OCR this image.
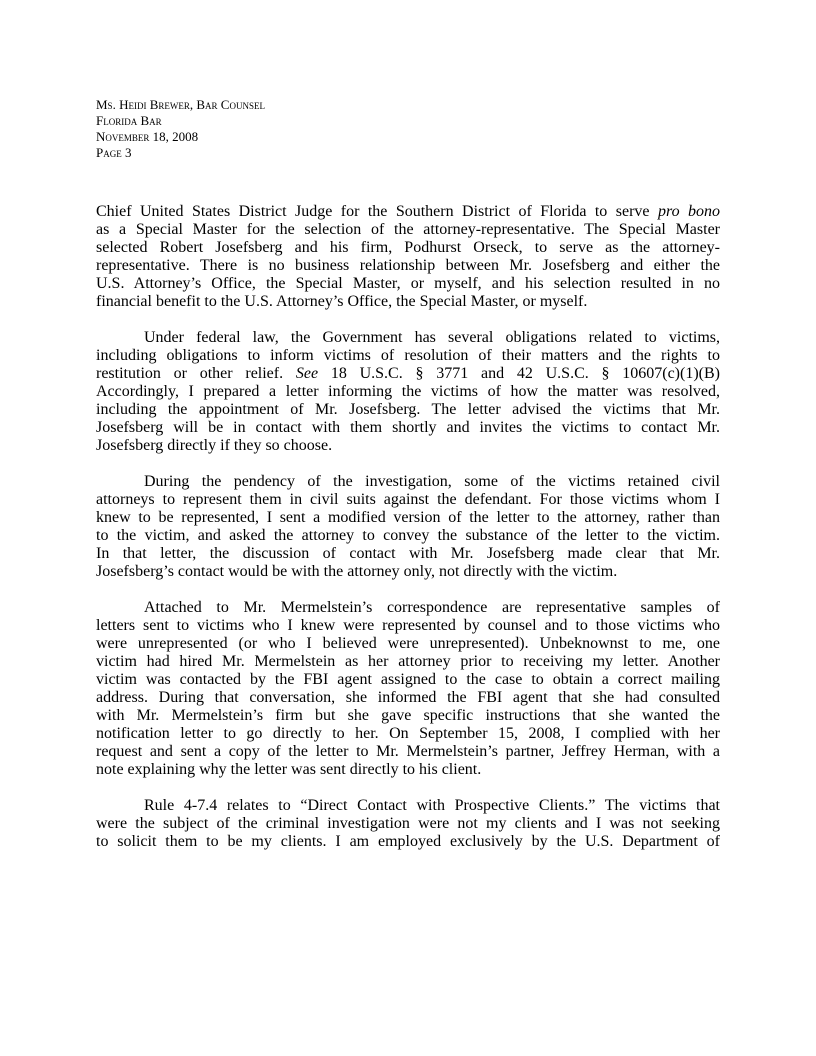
Ms. Heidi Brewer, Bar Counsel
Florida Bar
November 18, 2008
Page 3
Chief United States District Judge for the Southern District of Florida to serve pro bono
as a Special Master for the selection of the attorney-representative. The Special Master
selected Robert Josefsberg and his firm, Podhurst Orseck, to serve as the attorney-
representative. There is no business relationship between Mr. Josefsberg and either the
U.S. Attorney’s Office, the Special Master, or myself, and his selection resulted in no
financial benefit to the U.S. Attorney’s Office, the Special Master, or myself.
Under federal law, the Government has several obligations related to victims,
including obligations to inform victims of resolution of their matters and the rights to
restitution or other relief. See 18 U.S.C. § 3771 and 42 U.S.C. § 10607(c)(1)(B)
Accordingly, I prepared a letter informing the victims of how the matter was resolved,
including the appointment of Mr. Josefsberg. The letter advised the victims that Mr.
Josefsberg will be in contact with them shortly and invites the victims to contact Mr.
Josefsberg directly if they so choose.
During the pendency of the investigation, some of the victims retained civil
attorneys to represent them in civil suits against the defendant. For those victims whom I
knew to be represented, I sent a modified version of the letter to the attorney, rather than
to the victim, and asked the attorney to convey the substance of the letter to the victim.
In that letter, the discussion of contact with Mr. Josefsberg made clear that Mr.
Josefsberg’s contact would be with the attorney only, not directly with the victim.
Attached to Mr. Mermelstein’s correspondence are representative samples of
letters sent to victims who I knew were represented by counsel and to those victims who
were unrepresented (or who I believed were unrepresented). Unbeknownst to me, one
victim had hired Mr. Mermelstein as her attorney prior to receiving my letter. Another
victim was contacted by the FBI agent assigned to the case to obtain a correct mailing
address. During that conversation, she informed the FBI agent that she had consulted
with Mr. Mermelstein’s firm but she gave specific instructions that she wanted the
notification letter to go directly to her. On September 15, 2008, I complied with her
request and sent a copy of the letter to Mr. Mermelstein’s partner, Jeffrey Herman, with a
note explaining why the letter was sent directly to his client.
Rule 4-7.4 relates to “Direct Contact with Prospective Clients.” The victims that
were the subject of the criminal investigation were not my clients and I was not seeking
to solicit them to be my clients. I am employed exclusively by the U.S. Department of
